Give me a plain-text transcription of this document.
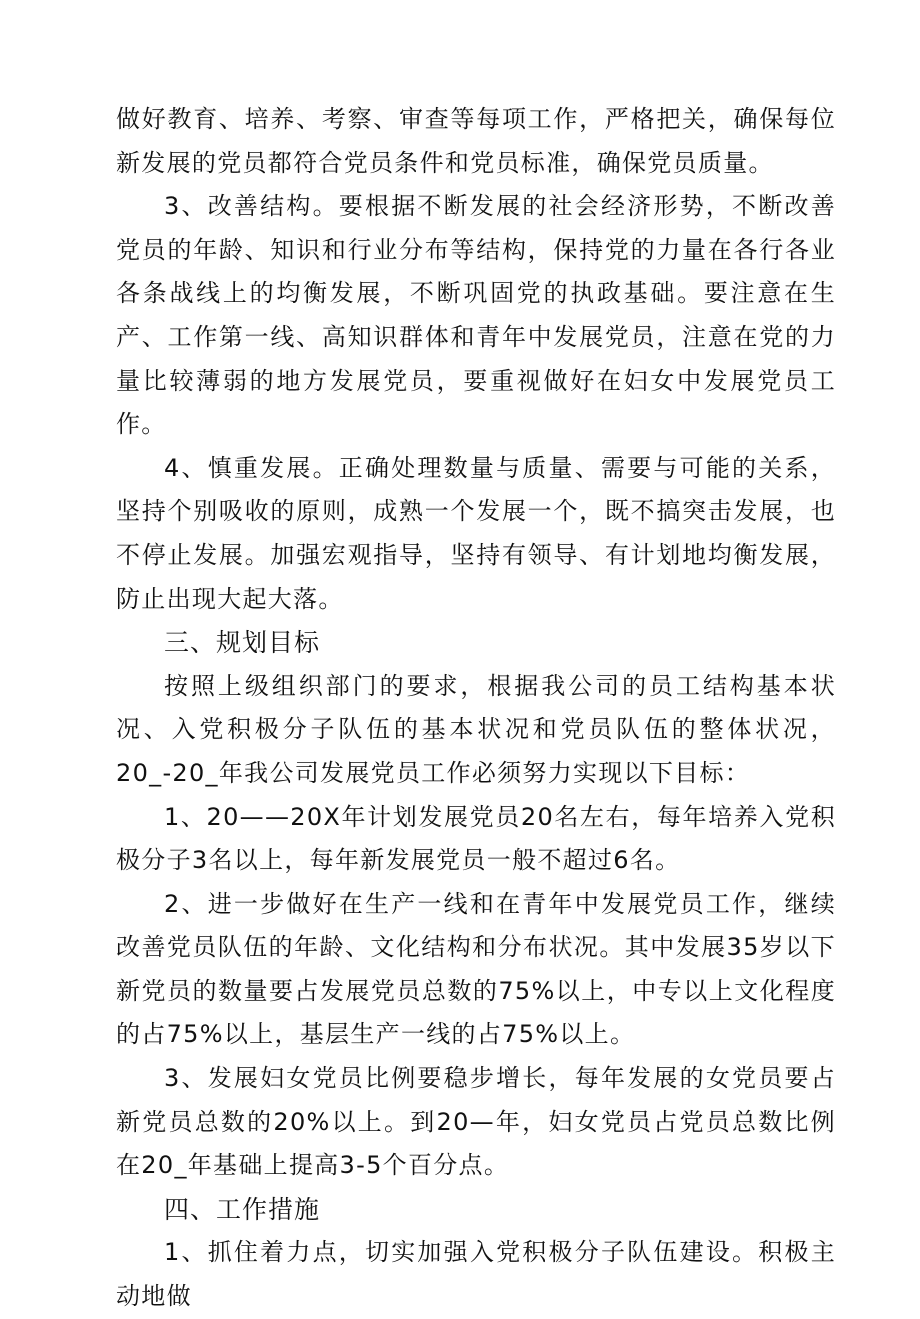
做好教育、培养、考察、审查等每项工作，严格把关，确保每位新发展的党员都符合党员条件和党员标准，确保党员质量。

3、改善结构。要根据不断发展的社会经济形势，不断改善党员的年龄、知识和行业分布等结构，保持党的力量在各行各业各条战线上的均衡发展，不断巩固党的执政基础。要注意在生产、工作第一线、高知识群体和青年中发展党员，注意在党的力量比较薄弱的地方发展党员，要重视做好在妇女中发展党员工作。

4、慎重发展。正确处理数量与质量、需要与可能的关系，坚持个别吸收的原则，成熟一个发展一个，既不搞突击发展，也不停止发展。加强宏观指导，坚持有领导、有计划地均衡发展，防止出现大起大落。

三、规划目标

按照上级组织部门的要求，根据我公司的员工结构基本状况、入党积极分子队伍的基本状况和党员队伍的整体状况，20_-20_年我公司发展党员工作必须努力实现以下目标：

1、20——20X年计划发展党员20名左右，每年培养入党积极分子3名以上，每年新发展党员一般不超过6名。

2、进一步做好在生产一线和在青年中发展党员工作，继续改善党员队伍的年龄、文化结构和分布状况。其中发展35岁以下新党员的数量要占发展党员总数的75%以上，中专以上文化程度的占75%以上，基层生产一线的占75%以上。

3、发展妇女党员比例要稳步增长，每年发展的女党员要占新党员总数的20%以上。到20—年，妇女党员占党员总数比例在20_年基础上提高3-5个百分点。

四、工作措施

1、抓住着力点，切实加强入党积极分子队伍建设。积极主动地做
